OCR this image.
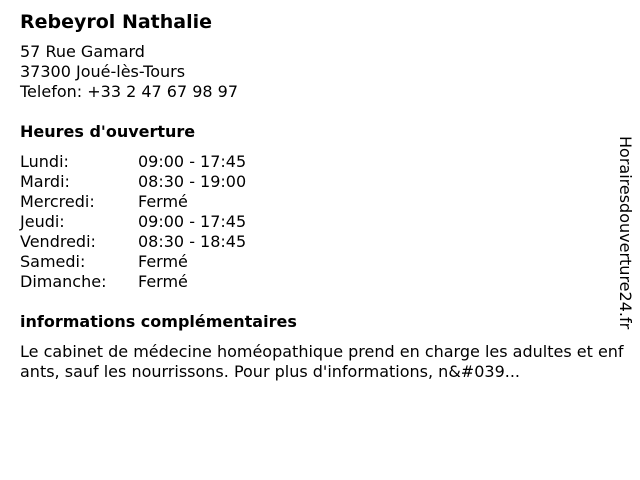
Rebeyrol Nathalie
57 Rue Gamard
37300 Joué-lès-Tours
Telefon: +33 2 47 67 98 97
Heures d'ouverture
Lundi:	09:00 - 17:45
Mardi:	08:30 - 19:00
Mercredi:	Fermé
Jeudi:	09:00 - 17:45
Vendredi:	08:30 - 18:45
Samedi:	Fermé
Dimanche:	Fermé
informations complémentaires
Le cabinet de médecine homéopathique prend en charge les adultes et enfants, sauf les nourrissons. Pour plus d'informations, n&#039...
Horairesdouverture24.fr
